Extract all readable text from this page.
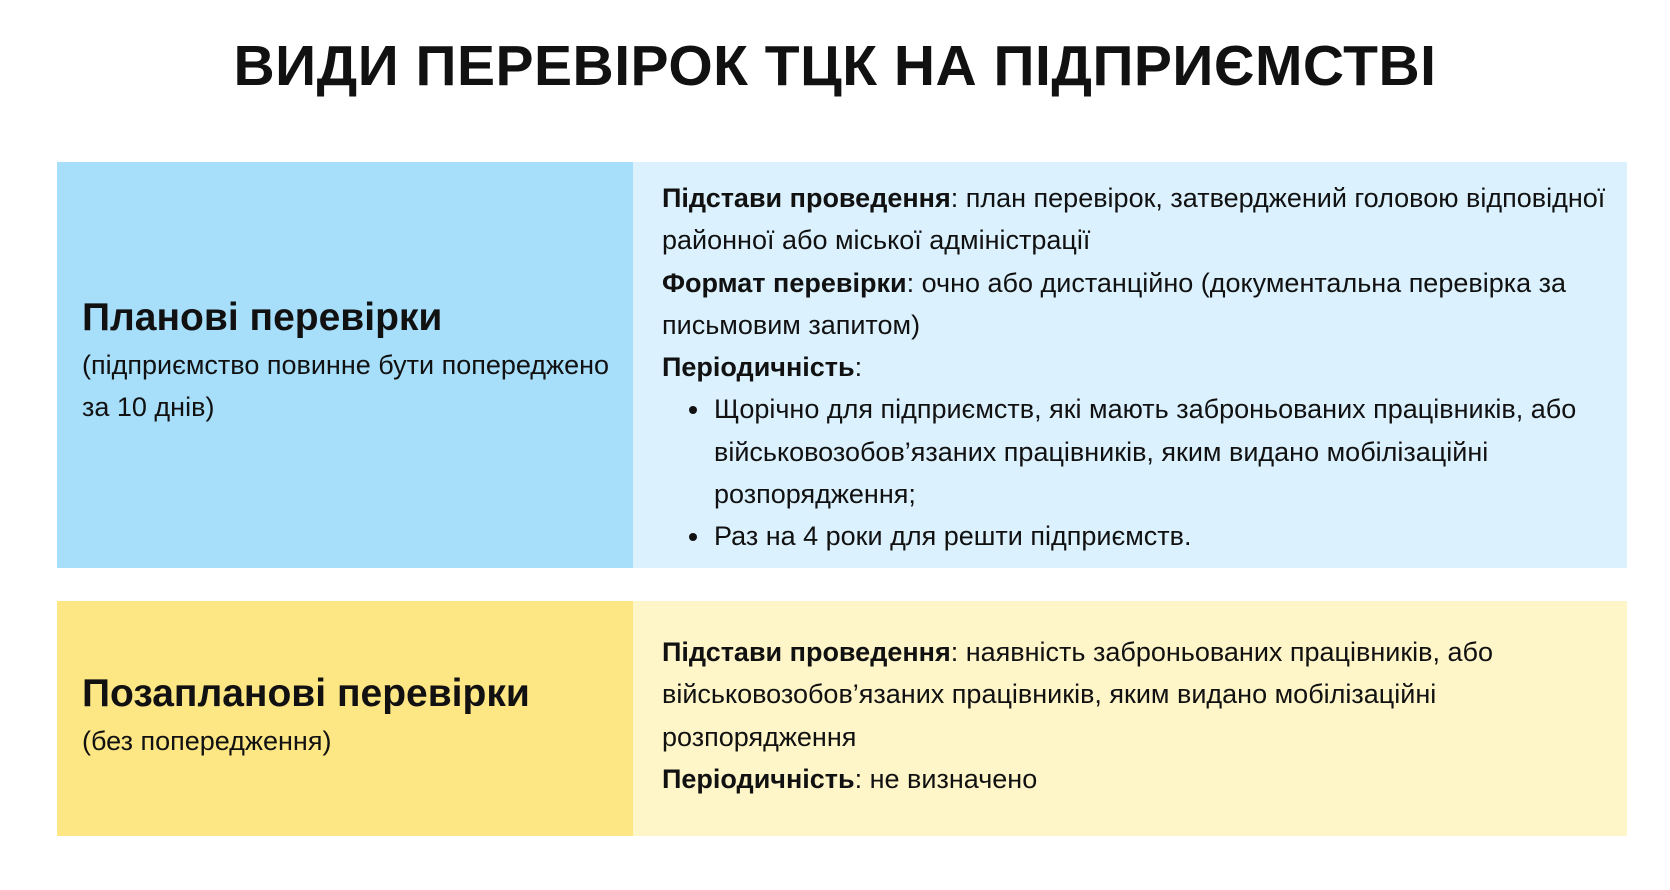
ВИДИ ПЕРЕВІРОК ТЦК НА ПІДПРИЄМСТВІ

Планові перевірки

(підприємство повинне бути попереджено за 10 днів)

Підстави проведення: план перевірок, затверджений головою відповідної районної або міської адміністрації

Формат перевірки: очно або дистанційно (документальна перевірка за письмовим запитом)

Періодичність:

Щорічно для підприємств, які мають заброньованих працівників, або військовозобов’язаних працівників, яким видано мобілізаційні розпорядження;
Раз на 4 роки для решти підприємств.

Позапланові перевірки

(без попередження)

Підстави проведення: наявність заброньованих працівників, або військовозобов’язаних працівників, яким видано мобілізаційні розпорядження

Періодичність: не визначено
